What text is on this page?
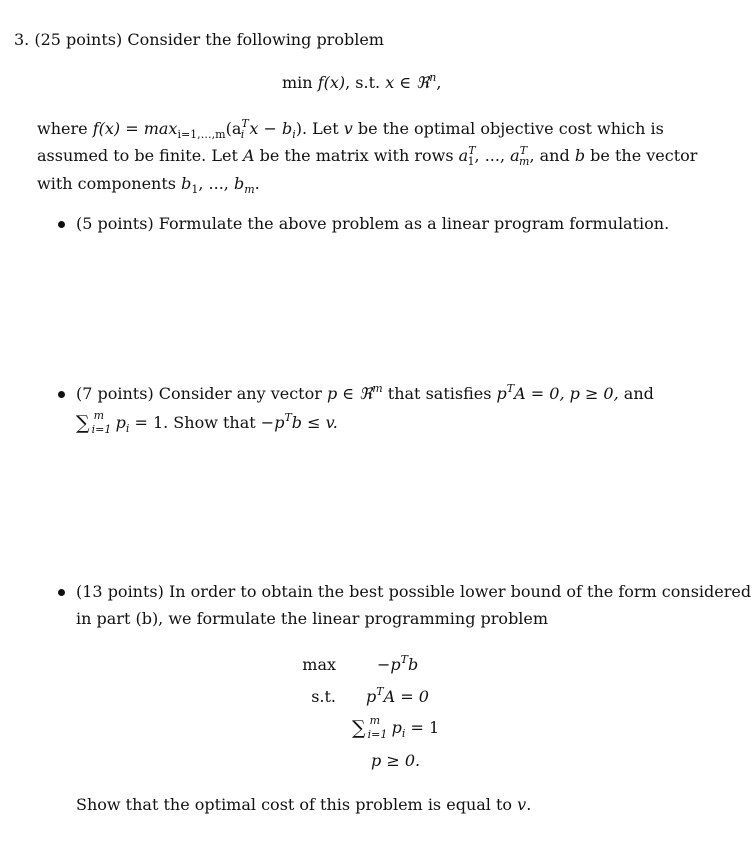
3. (25 points) Consider the following problem
min f(x), s.t. x ∈ ℜ$^n$,
where $f(x) = \max_{i=1,\dots,m}(a^T_i$ $x - b_i$). Let v be the optimal objective cost which is
assumed to be finite. Let A be the matrix with rows $a^T_1$, ..., $a^T_m$, and b be the vector
with components $b_1$, ..., $b_m$.
(5 points) Formulate the above problem as a linear program formulation.
(7 points) Consider any vector p ∈ ℜ$^m$ that satisfies $p^TA = 0$, p ≥ 0, and
∑ m
i=1 $p_i = 1$. Show that $-p^Tb \le v$.
(13 points) In order to obtain the best possible lower bound of the form considered
in part (b), we formulate the linear programming problem
max	$-p^Tb$
s.t. $p^TA = 0$
∑ m
i=1 $p_i = 1$
p ≥ 0.
Show that the optimal cost of this problem is equal to v.
